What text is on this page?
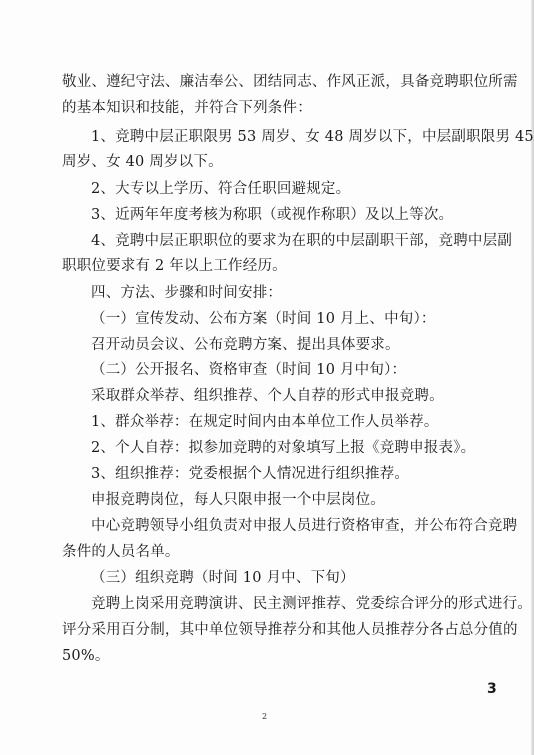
敬业、遵纪守法、廉洁奉公、团结同志、作风正派，具备竞聘职位所需
的基本知识和技能，并符合下列条件：
1、竞聘中层正职限男 53 周岁、女 48 周岁以下，中层副职限男 45
周岁、女 40 周岁以下。
2、大专以上学历、符合任职回避规定。
3、近两年年度考核为称职（或视作称职）及以上等次。
4、竞聘中层正职职位的要求为在职的中层副职干部，竞聘中层副
职职位要求有 2 年以上工作经历。
四、方法、步骤和时间安排：
（一）宣传发动、公布方案（时间 10 月上、中旬）：
召开动员会议、公布竞聘方案、提出具体要求。
（二）公开报名、资格审查（时间 10 月中旬）：
采取群众举荐、组织推荐、个人自荐的形式申报竞聘。
1、群众举荐：在规定时间内由本单位工作人员举荐。
2、个人自荐：拟参加竞聘的对象填写上报《竞聘申报表》。
3、组织推荐：党委根据个人情况进行组织推荐。
申报竞聘岗位，每人只限申报一个中层岗位。
中心竞聘领导小组负责对申报人员进行资格审查，并公布符合竞聘
条件的人员名单。
（三）组织竞聘（时间 10 月中、下旬）
竞聘上岗采用竞聘演讲、民主测评推荐、党委综合评分的形式进行。
评分采用百分制，其中单位领导推荐分和其他人员推荐分各占总分值的
50%。
3
2
